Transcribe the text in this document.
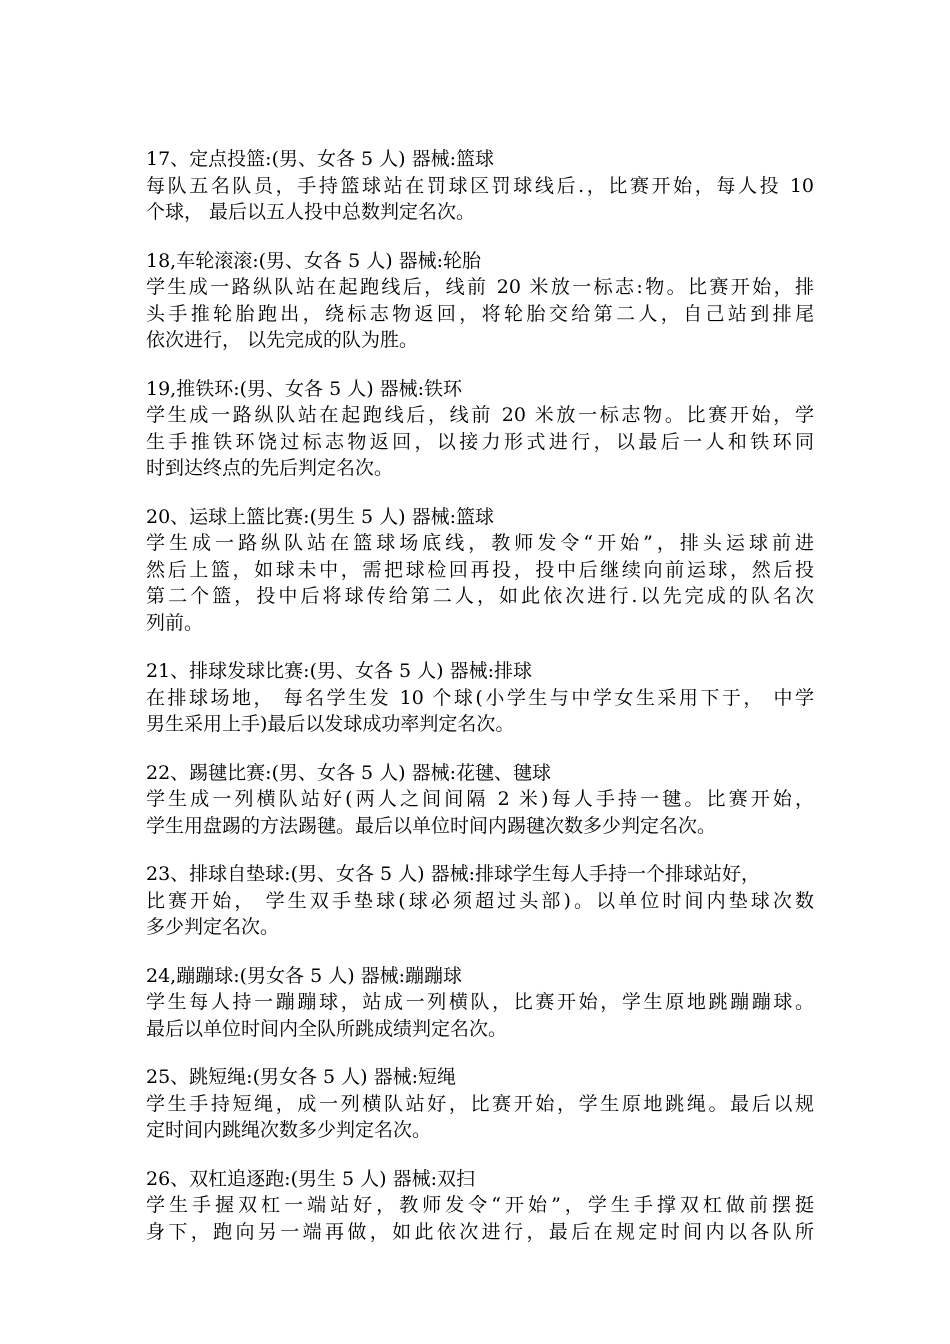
17、定点投篮:(男、女各 5 人) 器械:篮球
每队五名队员，手持篮球站在罚球区罚球线后.，比赛开始，每人投 10
个球， 最后以五人投中总数判定名次。
18,车轮滚滚:(男、女各 5 人) 器械:轮胎
学生成一路纵队站在起跑线后，线前 20 米放一标志:物。比赛开始，排
头手推轮胎跑出，绕标志物返回，将轮胎交给第二人，自己站到排尾
依次进行， 以先完成的队为胜。
19,推铁环:(男、女各 5 人) 器械:铁环
学生成一路纵队站在起跑线后，线前 20 米放一标志物。比赛开始，学
生手推铁环饶过标志物返回，以接力形式进行，以最后一人和铁环同
时到达终点的先后判定名次。
20、运球上篮比赛:(男生 5 人) 器械:篮球
学生成一路纵队站在篮球场底线，教师发令“开始”，排头运球前进
然后上篮，如球未中，需把球检回再投，投中后继续向前运球，然后投
第二个篮，投中后将球传给第二人，如此依次进行.以先完成的队名次
列前。
21、排球发球比赛:(男、女各 5 人) 器械:排球
在排球场地， 每名学生发 10 个球(小学生与中学女生采用下于， 中学
男生采用上手)最后以发球成功率判定名次。
22、踢毽比赛:(男、女各 5 人) 器械:花毽、毽球
学生成一列横队站好(两人之间间隔 2 米)每人手持一毽。比赛开始，
学生用盘踢的方法踢毽。最后以单位时间内踢毽次数多少判定名次。
23、排球自垫球:(男、女各 5 人) 器械:排球学生每人手持一个排球站好，
比赛开始， 学生双手垫球(球必须超过头部)。以单位时间内垫球次数
多少判定名次。
24,蹦蹦球:(男女各 5 人) 器械:蹦蹦球
学生每人持一蹦蹦球，站成一列横队，比赛开始，学生原地跳蹦蹦球。
最后以单位时间内全队所跳成绩判定名次。
25、跳短绳:(男女各 5 人) 器械:短绳
学生手持短绳，成一列横队站好，比赛开始，学生原地跳绳。最后以规
定时间内跳绳次数多少判定名次。
26、双杠追逐跑:(男生 5 人) 器械:双扫
学生手握双杠一端站好，教师发令“开始”，学生手撑双杠做前摆挺
身下，跑向另一端再做，如此依次进行，最后在规定时间内以各队所
